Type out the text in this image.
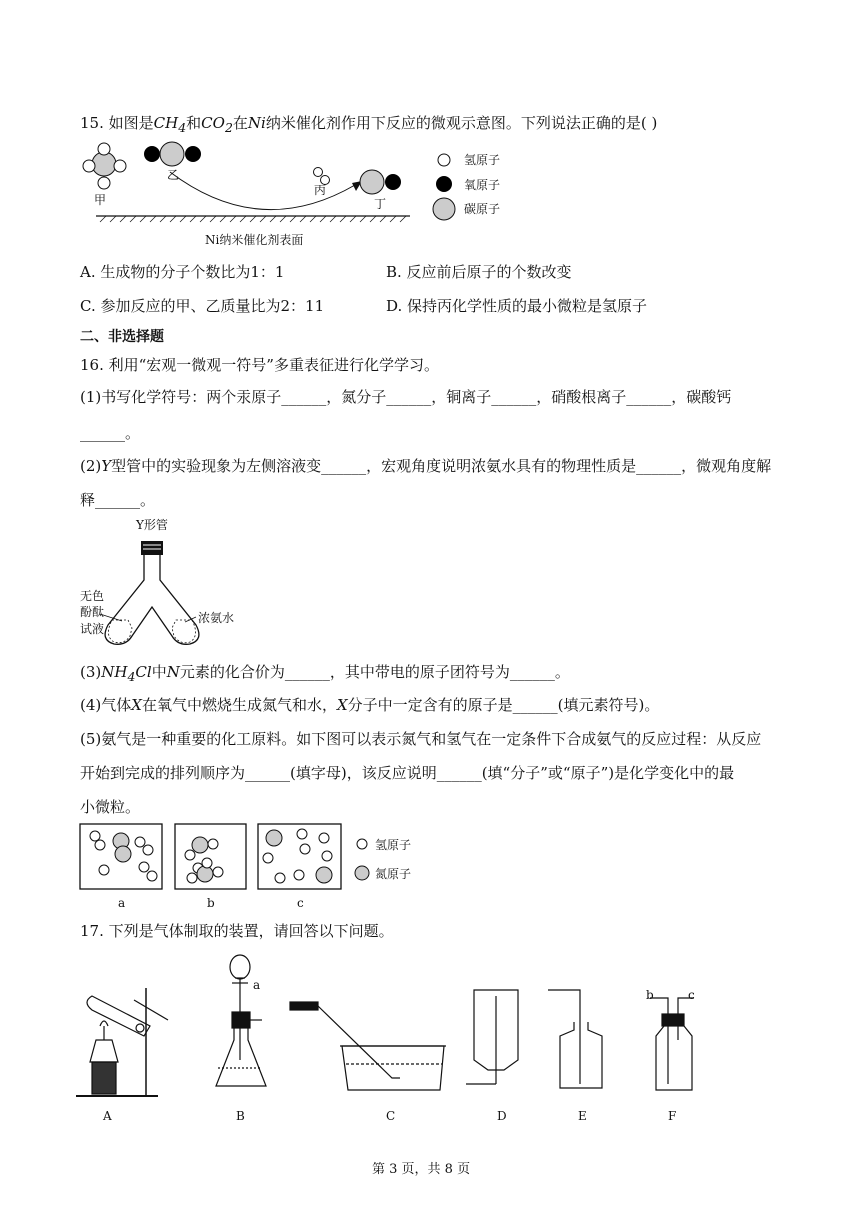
15. 如图是$CH_4$和$CO_2$在Ni纳米催化剂作用下反应的微观示意图。下列说法正确的是( )
甲
乙
丙
丁
Ni纳米催化剂表面
氢原子
氧原子
碳原子
A. 生成物的分子个数比为1：1	B. 反应前后原子的个数改变
C. 参加反应的甲、乙质量比为2：11	D. 保持丙化学性质的最小微粒是氢原子
二、非选择题
16. 利用“宏观一微观一符号”多重表征进行化学学习。
(1)书写化学符号：两个汞原子______，氮分子______，铜离子______，硝酸根离子______，碳酸钙
______。
(2)Y型管中的实验现象为左侧溶液变______，宏观角度说明浓氨水具有的物理性质是______，微观角度解
释______。
Y形管
无色
酚酞
试液
浓氨水
$(3)NH_4Cl$中N元素的化合价为______，其中带电的原子团符号为______。
(4)气体X在氧气中燃烧生成氮气和水，X分子中一定含有的原子是______(填元素符号)。
(5)氨气是一种重要的化工原料。如下图可以表示氮气和氢气在一定条件下合成氨气的反应过程：从反应
开始到完成的排列顺序为______(填字母)，该反应说明______(填“分子”或“原子”)是化学变化中的最
小微粒。
a	b	c
氢原子
氮原子
17. 下列是气体制取的装置，请回答以下问题。
A
a
B	C	D	E
b	c
F
第 3 页，共 8 页
